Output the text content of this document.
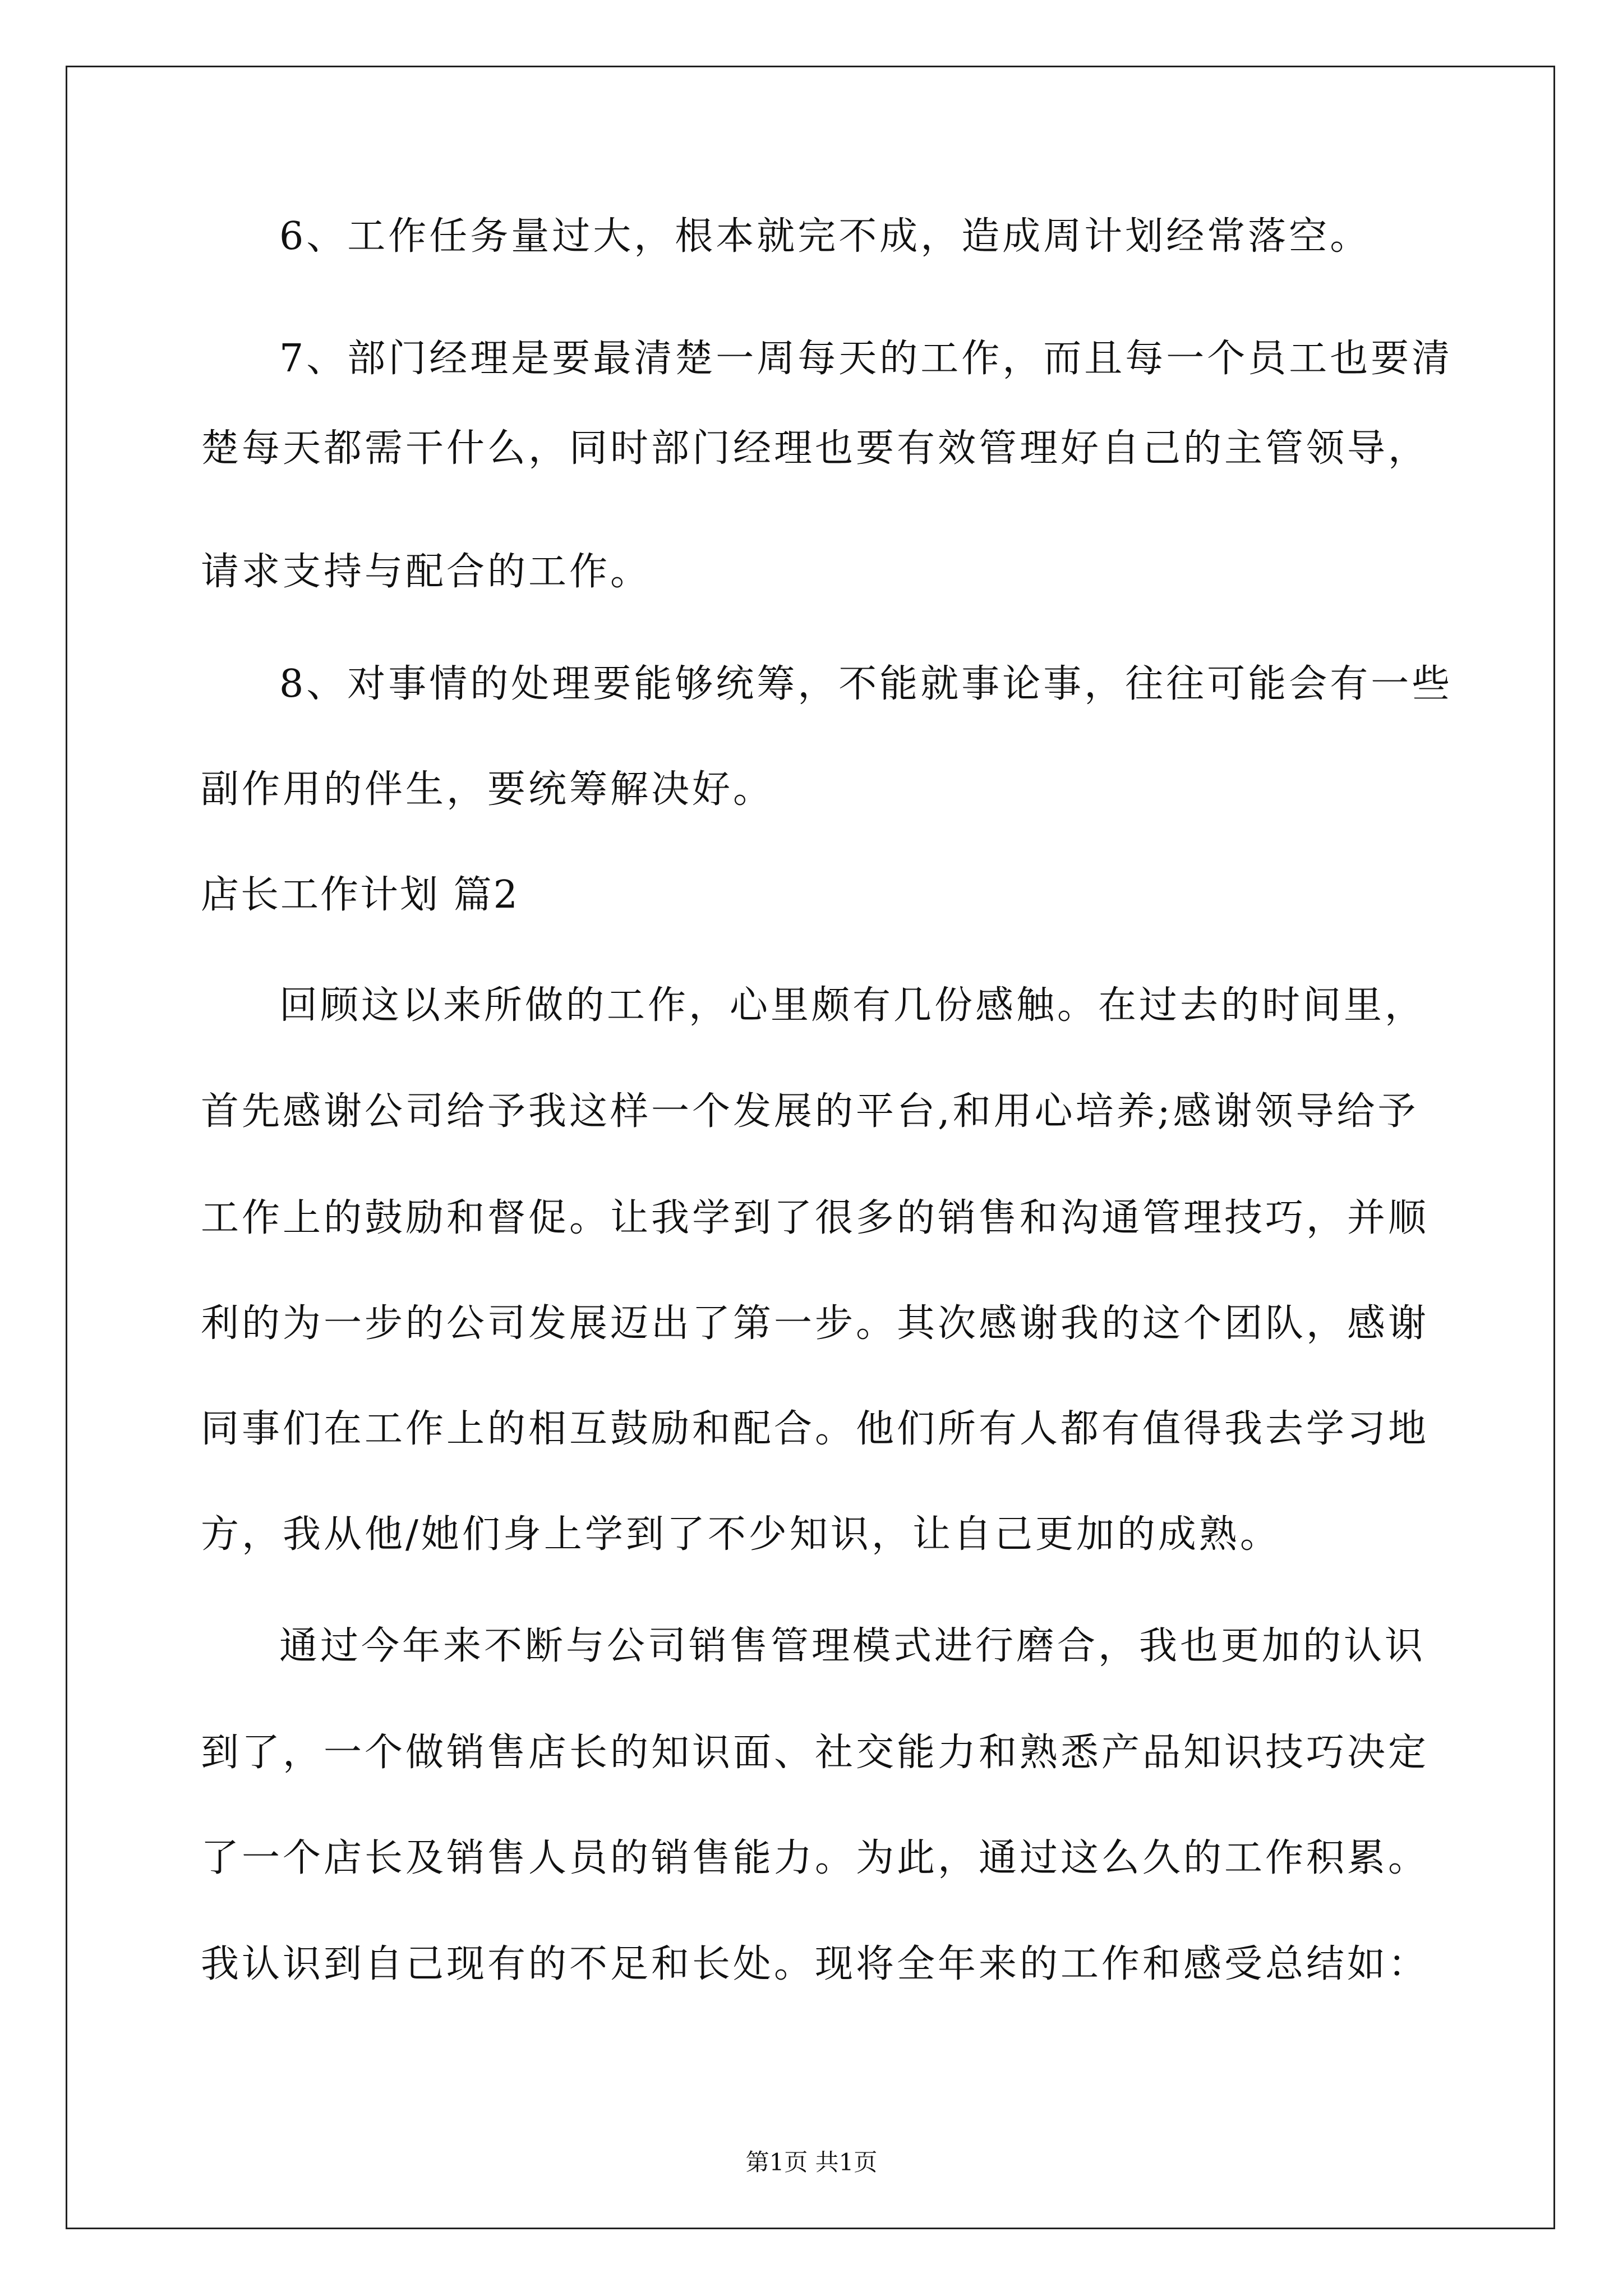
6、工作任务量过大，根本就完不成，造成周计划经常落空。
7、部门经理是要最清楚一周每天的工作，而且每一个员工也要清
楚每天都需干什么，同时部门经理也要有效管理好自己的主管领导，
请求支持与配合的工作。
8、对事情的处理要能够统筹，不能就事论事，往往可能会有一些
副作用的伴生，要统筹解决好。
店长工作计划 篇2
回顾这以来所做的工作，心里颇有几份感触。在过去的时间里，
首先感谢公司给予我这样一个发展的平台,和用心培养;感谢领导给予
工作上的鼓励和督促。让我学到了很多的销售和沟通管理技巧，并顺
利的为一步的公司发展迈出了第一步。其次感谢我的这个团队，感谢
同事们在工作上的相互鼓励和配合。他们所有人都有值得我去学习地
方，我从他/她们身上学到了不少知识，让自己更加的成熟。
通过今年来不断与公司销售管理模式进行磨合，我也更加的认识
到了，一个做销售店长的知识面、社交能力和熟悉产品知识技巧决定
了一个店长及销售人员的销售能力。为此，通过这么久的工作积累。
我认识到自己现有的不足和长处。现将全年来的工作和感受总结如：
第1页 共1页
